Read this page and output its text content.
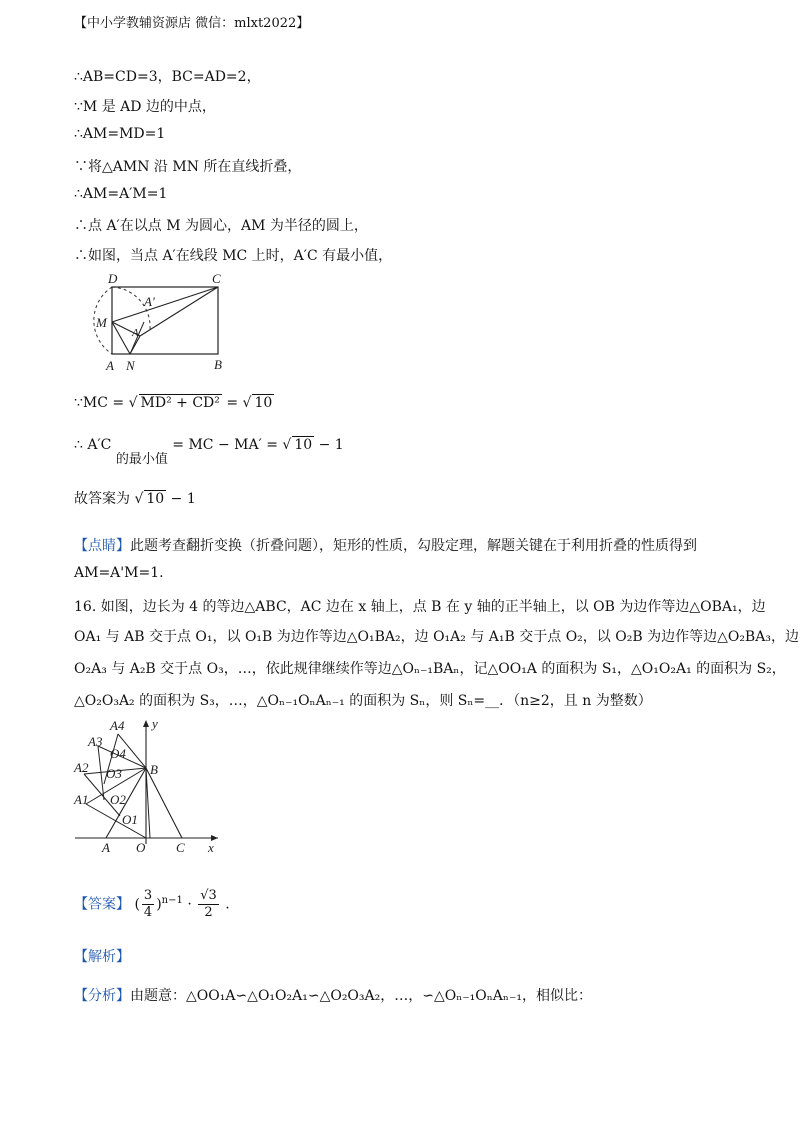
【中小学教辅资源店 微信：mlxt2022】
∴AB=CD=3，BC=AD=2，
∵M 是 AD 边的中点，
∴AM=MD=1
∵将△AMN 沿 MN 所在直线折叠，
∴AM=A′M=1
∴点 A′在以点 M 为圆心，AM 为半径的圆上，
∴如图，当点 A′在线段 MC 上时，A′C 有最小值，
D	C
A′
M
A N	B
A
∵MC = √ MD² + CD² = √ 10
∴ A′C 的最小值 = MC − MA′ = √ 10 − 1
故答案为 √ 10 − 1
【点睛】此题考查翻折变换（折叠问题），矩形的性质，勾股定理，解题关键在于利用折叠的性质得到
AM=A'M=1.
16. 如图，边长为 4 的等边△ABC，AC 边在 x 轴上，点 B 在 y 轴的正半轴上，以 OB 为边作等边△OBA₁，边
OA₁ 与 AB 交于点 O₁，以 O₁B 为边作等边△O₁BA₂，边 O₁A₂ 与 A₁B 交于点 O₂，以 O₂B 为边作等边△O₂BA₃，边
O₂A₃ 与 A₂B 交于点 O₃，…，依此规律继续作等边△Oₙ₋₁BAₙ，记△OO₁A 的面积为 S₁，△O₁O₂A₁ 的面积为 S₂，
△O₂O₃A₂ 的面积为 S₃，…，△Oₙ₋₁OₙAₙ₋₁ 的面积为 Sₙ，则 Sₙ=__．（n≥2，且 n 为整数）
A4 y
A3
O4
A2 O3 B
A1 O2
O1
A O C x
【答案】 ( $\frac{3}{4} )^{n-1} \cdot \frac{√3}{2}$ .
【解析】
【分析】由题意：△OO₁A∽△O₁O₂A₁∽△O₂O₃A₂，…，∽△Oₙ₋₁OₙAₙ₋₁，相似比：
